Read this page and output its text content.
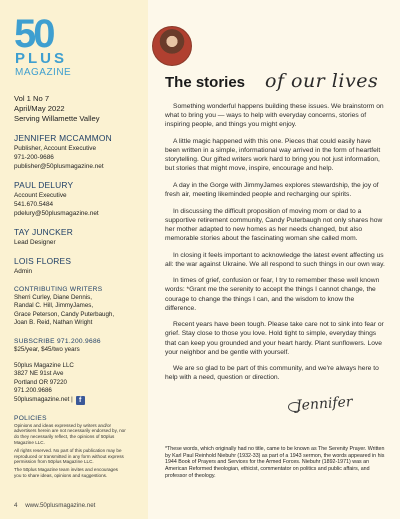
50
PLUS
MAGAZINE
Vol 1 No 7
April/May 2022
Serving Willamette Valley
JENNIFER MCCAMMON
Publisher, Account Executive
971-200-9686
publisher@50plusmagazine.net
PAUL DELURY
Account Executive
541.670.5484
pdelury@50plusmagazine.net
TAY JUNCKER
Lead Designer
LOIS FLORES
Admin
CONTRIBUTING WRITERS
Sherri Curley, Diane Dennis,
Randal C. Hill, JimmyJames,
Grace Peterson, Candy Puterbaugh,
Joan B. Reid, Nathan Wright
SUBSCRIBE 971.200.9686
$25/year, $45/two years
50plus Magazine LLC
3827 NE 91st Ave
Portland OR 97220
971.200.9686
50plusmagazine.net | f
POLICIES
Opinions and ideas expressed by writers and/or advertisers herein are not necessarily endorsed by, nor do they necessarily reflect, the opinions of 50plus Magazine LLC.
All rights reserved. No part of this publication may be reproduced or transmitted in any form without express permission from 50plus Magazine LLC.
The 50plus Magazine team invites and encourages you to share ideas, opinions and suggestions.
4 www.50plusmagazine.net
The stories of our lives

Something wonderful happens building these issues. We brainstorm on what to bring you — ways to help with everyday concerns, stories of inspiring people, and things you might enjoy.

A little magic happened with this one. Pieces that could easily have been written in a simple, informational way arrived in the form of heartfelt storytelling. Our gifted writers work hard to bring you not just information, but stories that might move, inspire, encourage and help.

A day in the Gorge with JimmyJames explores stewardship, the joy of fresh air, meeting likeminded people and recharging our spirits.

In discussing the difficult proposition of moving mom or dad to a supportive retirement community, Candy Puterbaugh not only shares how her mother adapted to new homes as her needs changed, but also memorable stories about the fascinating woman she called mom.

In closing it feels important to acknowledge the latest event affecting us all: the war against Ukraine. We all respond to such things in our own way.

In times of grief, confusion or fear, I try to remember these well known words: *Grant me the serenity to accept the things I cannot change, the courage to change the things I can, and the wisdom to know the difference.

Recent years have been tough. Please take care not to sink into fear or grief. Stay close to those you love. Hold tight to simple, everyday things that can keep you grounded and your heart hardy. Plant sunflowers. Love your neighbor and be gentle with yourself.

We are so glad to be part of this community, and we're always here to help with a need, question or direction.

Jennifer
*These words, which originally had no title, came to be known as The Serenity Prayer. Written by Karl Paul Reinhold Niebuhr (1932-33) as part of a 1943 sermon, the words appeared in his 1944 Book of Prayers and Services for the Armed Forces. Niebuhr (1892-1971) was an American Reformed theologian, ethicist, commentator on politics and public affairs, and professor of theology.
